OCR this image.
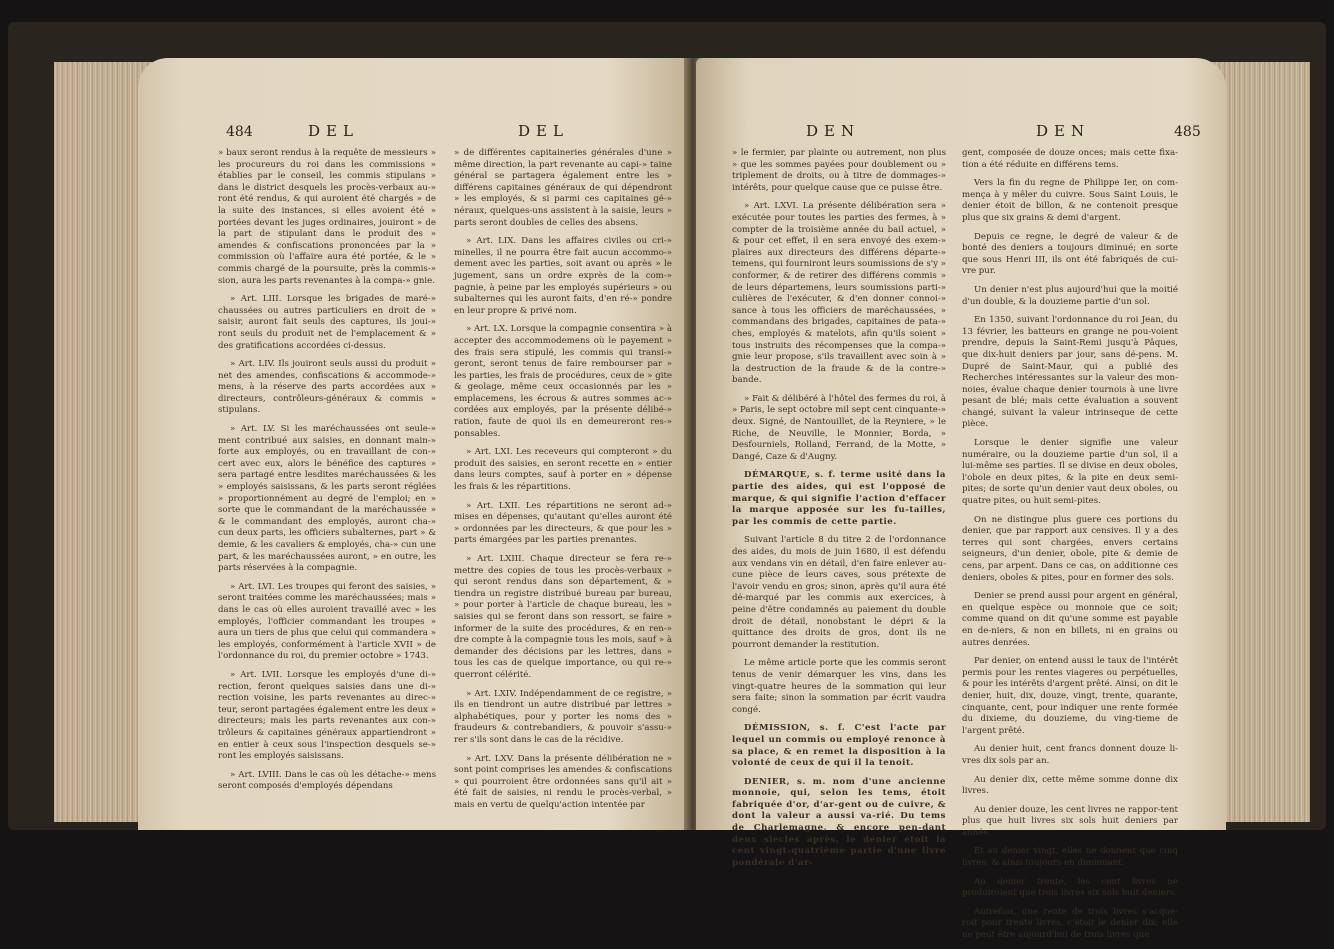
484	DEL	DEL

» baux seront rendus à la requête de messieurs » les procureurs du roi dans les commissions » établies par le conseil, les commis stipulans » dans le district desquels les procès-verbaux au-» ront été rendus, & qui auroient été chargés » de la suite des instances, si elles avoient été » portées devant les juges ordinaires, jouiront » de la part de stipulant dans le produit des » amendes & confiscations prononcées par la » commission où l'affaire aura été portée, & le » commis chargé de la poursuite, près la commis-» sion, aura les parts revenantes à la compa-» gnie.

» Art. LIII. Lorsque les brigades de maré-» chaussées ou autres particuliers en droit de » saisir, auront fait seuls des captures, ils joui-» ront seuls du produit net de l'emplacement & » des gratifications accordées ci-dessus.

» Art. LIV. Ils jouiront seuls aussi du produit » net des amendes, confiscations & accommode-» mens, à la réserve des parts accordées aux » directeurs, contrôleurs-généraux & commis » stipulans.

» Art. LV. Si les maréchaussées ont seule-» ment contribué aux saisies, en donnant main-» forte aux employés, ou en travaillant de con-» cert avec eux, alors le bénéfice des captures » sera partagé entre lesdites maréchaussées & les » employés saisissans, & les parts seront réglées » proportionnément au degré de l'emploi; en » sorte que le commandant de la maréchaussée » & le commandant des employés, auront cha-» cun deux parts, les officiers subalternes, part » & demie, & les cavaliers & employés, cha-» cun une part, & les maréchaussées auront, » en outre, les parts réservées à la compagnie.

» Art. LVI. Les troupes qui feront des saisies, » seront traitées comme les maréchaussées; mais » dans le cas où elles auroient travaillé avec » les employés, l'officier commandant les troupes » aura un tiers de plus que celui qui commandera » les employés, conformément à l'article XVII » de l'ordonnance du roi, du premier octobre » 1743.

» Art. LVII. Lorsque les employés d'une di-» rection, feront quelques saisies dans une di-» rection voisine, les parts revenantes au direc-» teur, seront partagées également entre les deux » directeurs; mais les parts revenantes aux con-» trôleurs & capitaines généraux appartiendront » en entier à ceux sous l'inspection desquels se-» ront les employés saisissans.

» Art. LVIII. Dans le cas où les détache-» mens seront composés d'employés dépendans

» de différentes capitaineries générales d'une » même direction, la part revenante au capi-» taine général se partagera également entre les » différens capitaines généraux de qui dépendront » les employés, & si parmi ces capitaines gé-» néraux, quelques-uns assistent à la saisie, leurs » parts seront doubles de celles des absens.

» Art. LIX. Dans les affaires civiles ou cri-» minelles, il ne pourra être fait aucun accommo-» dement avec les parties, soit avant ou après » le jugement, sans un ordre exprès de la com-» pagnie, à peine par les employés supérieurs » ou subalternes qui les auront faits, d'en ré-» pondre en leur propre & privé nom.

» Art. LX. Lorsque la compagnie consentira » à accepter des accommodemens où le payement » des frais sera stipulé, les commis qui transi-» geront, seront tenus de faire rembourser par » les parties, les frais de procédures, ceux de » gite & geolage, même ceux occasionnés par les » emplacemens, les écrous & autres sommes ac-» cordées aux employés, par la présente délibé-» ration, faute de quoi ils en demeureront res-» ponsables.

» Art. LXI. Les receveurs qui compteront » du produit des saisies, en seront recette en » entier dans leurs comptes, sauf à porter en » dépense les frais & les répartitions.

» Art. LXII. Les répartitions ne seront ad-» mises en dépenses, qu'autant qu'elles auront été » ordonnées par les directeurs, & que pour les » parts émargées par les parties prenantes.

» Art. LXIII. Chaque directeur se fera re-» mettre des copies de tous les procès-verbaux » qui seront rendus dans son département, & » tiendra un registre distribué bureau par bureau, » pour porter à l'article de chaque bureau, les » saisies qui se feront dans son ressort, se faire » informer de la suite des procédures, & en ren-» dre compte à la compagnie tous les mois, sauf » à demander des décisions par les lettres, dans » tous les cas de quelque importance, ou qui re-» querront célérité.

» Art. LXIV. Indépendamment de ce registre, » ils en tiendront un autre distribué par lettres » alphabétiques, pour y porter les noms des » fraudeurs & contrebandiers, & pouvoir s'assu-» rer s'ils sont dans le cas de la récidive.

» Art. LXV. Dans la présente délibération ne » sont point comprises les amendes & confiscations » qui pourroient être ordonnées sans qu'il ait » été fait de saisies, ni rendu le procès-verbal, » mais en vertu de quelqu'action intentée par

DEN	DEN	485

» le fermier, par plainte ou autrement, non plus » que les sommes payées pour doublement ou » triplement de droits, ou à titre de dommages-» intérêts, pour quelque cause que ce puisse être.

» Art. LXVI. La présente délibération sera » exécutée pour toutes les parties des fermes, à » compter de la troisième année du bail actuel, » & pour cet effet, il en sera envoyé des exem-» plaires aux directeurs des différens départe-» temens, qui fourniront leurs soumissions de s'y » conformer, & de retirer des différens commis » de leurs départemens, leurs soumissions parti-» culières de l'exécuter, & d'en donner connoi-» sance à tous les officiers de maréchaussées, » commandans des brigades, capitaines de pata-» ches, employés & matelots, afin qu'ils soient » tous instruits des récompenses que la compa-» gnie leur propose, s'ils travaillent avec soin à » la destruction de la fraude & de la contre-» bande.

» Fait & délibéré à l'hôtel des fermes du roi, à » Paris, le sept octobre mil sept cent cinquante-» deux. Signé, de Nantouillet, de la Reyniere, » le Riche, de Neuville, le Monnier, Borda, » Desfourniels, Rolland, Ferrand, de la Motte, » Dangé, Caze & d'Augny.

DÉMARQUE, s. f. terme usité dans la partie des aides, qui est l'opposé de marque, & qui signifie l'action d'effacer la marque apposée sur les fu-tailles, par les commis de cette partie.

Suivant l'article 8 du titre 2 de l'ordonnance des aides, du mois de juin 1680, il est défendu aux vendans vin en détail, d'en faire enlever au-cune pièce de leurs caves, sous prétexte de l'avoir vendu en gros; sinon, après qu'il aura été dé-marqué par les commis aux exercices, à peine d'être condamnés au paiement du double droit de détail, nonobstant le dépri & la quittance des droits de gros, dont ils ne pourront demander la restitution.

Le même article porte que les commis seront tenus de venir démarquer les vins, dans les vingt-quatre heures de la sommation qui leur sera faite; sinon la sommation par écrit vaudra congé.

DÉMISSION, s. f. C'est l'acte par lequel un commis ou employé renonce à sa place, & en remet la disposition à la volonté de ceux de qui il la tenoit.

DENIER, s. m. nom d'une ancienne monnoie, qui, selon les tems, étoit fabriquée d'or, d'ar-gent ou de cuivre, & dont la valeur a aussi va-rié. Du tems de Charlemagne, & encore pen-dant deux siecles après, le denier étoit la cent vingt-quatrième partie d'une livre pondérale d'ar-

gent, composée de douze onces; mais cette fixa-tion a été réduite en différens tems.

Vers la fin du regne de Philippe Ier, on com-mença à y mêler du cuivre. Sous Saint Louis, le denier étoit de billon, & ne contenoit presque plus que six grains & demi d'argent.

Depuis ce regne, le degré de valeur & de bonté des deniers a toujours diminué; en sorte que sous Henri III, ils ont été fabriqués de cui-vre pur.

Un denier n'est plus aujourd'hui que la moitié d'un double, & la douzieme partie d'un sol.

En 1350, suivant l'ordonnance du roi Jean, du 13 février, les batteurs en grange ne pou-voient prendre, depuis la Saint-Remi jusqu'à Pâques, que dix-huit deniers par jour, sans dé-pens. M. Dupré de Saint-Maur, qui a publié des Recherches intéressantes sur la valeur des mon-noies, évalue chaque denier tournois à une livre pesant de blé; mais cette évaluation a souvent changé, suivant la valeur intrinseque de cette pièce.

Lorsque le denier signifie une valeur numéraire, ou la douzieme partie d'un sol, il a lui-même ses parties. Il se divise en deux oboles, l'obole en deux pites, & la pite en deux semi-pites; de sorte qu'un denier vaut deux oboles, ou quatre pites, ou huit semi-pites.

On ne distingue plus guere ces portions du denier, que par rapport aux censives. Il y a des terres qui sont chargées, envers certains seigneurs, d'un denier, obole, pite & demie de cens, par arpent. Dans ce cas, on additionne ces deniers, oboles & pites, pour en former des sols.

Denier se prend aussi pour argent en général, en quelque espèce ou monnoie que ce soit; comme quand on dit qu'une somme est payable en de-niers, & non en billets, ni en grains ou autres denrées.

Par denier, on entend aussi le taux de l'intérêt permis pour les rentes viageres ou perpétuelles, & pour les intérêts d'argent prêté. Ainsi, on dit le denier, huit, dix, douze, vingt, trente, quarante, cinquante, cent, pour indiquer une rente formée du dixieme, du douzieme, du ving-tieme de l'argent prêté.

Au denier huit, cent francs donnent douze li-vres dix sols par an.

Au denier dix, cette même somme donne dix livres.

Au denier douze, les cent livres ne rappor-tent plus que huit livres six sols huit deniers par année.

Et au denier vingt, elles ne donnent que cinq livres; & ainsi toujours en diminuant.

Au denier trente, les cent livres ne produiroient que trois livres six sols huit deniers.

Autrefois, une rente de trois livres s'acqué-roit pour trente livres, c'étoit le denier dix; elle ne peut être aujourd'hui de trois livres que
